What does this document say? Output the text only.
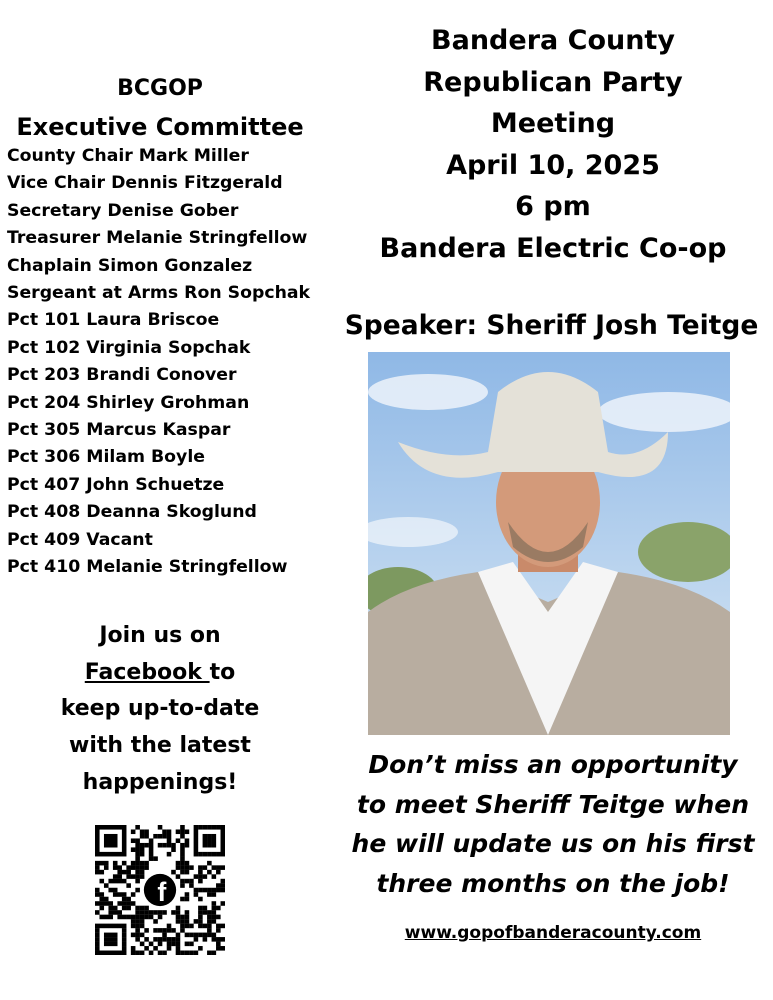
Bandera County
Republican Party
Meeting
April 10, 2025
6 pm
Bandera Electric Co-op
Speaker: Sheriff Josh Teitge
Don’t miss an opportunity
to meet Sheriff Teitge when
he will update us on his first
three months on the job!
www.gopofbanderacounty.com
BCGOP
Executive Committee
County Chair Mark Miller
Vice Chair Dennis Fitzgerald
Secretary Denise Gober
Treasurer Melanie Stringfellow
Chaplain Simon Gonzalez
Sergeant at Arms Ron Sopchak
Pct 101 Laura Briscoe
Pct 102 Virginia Sopchak
Pct 203 Brandi Conover
Pct 204 Shirley Grohman
Pct 305 Marcus Kaspar
Pct 306 Milam Boyle
Pct 407 John Schuetze
Pct 408 Deanna Skoglund
Pct 409 Vacant
Pct 410 Melanie Stringfellow
Join us on
Facebook to
keep up-to-date
with the latest
happenings!
f
